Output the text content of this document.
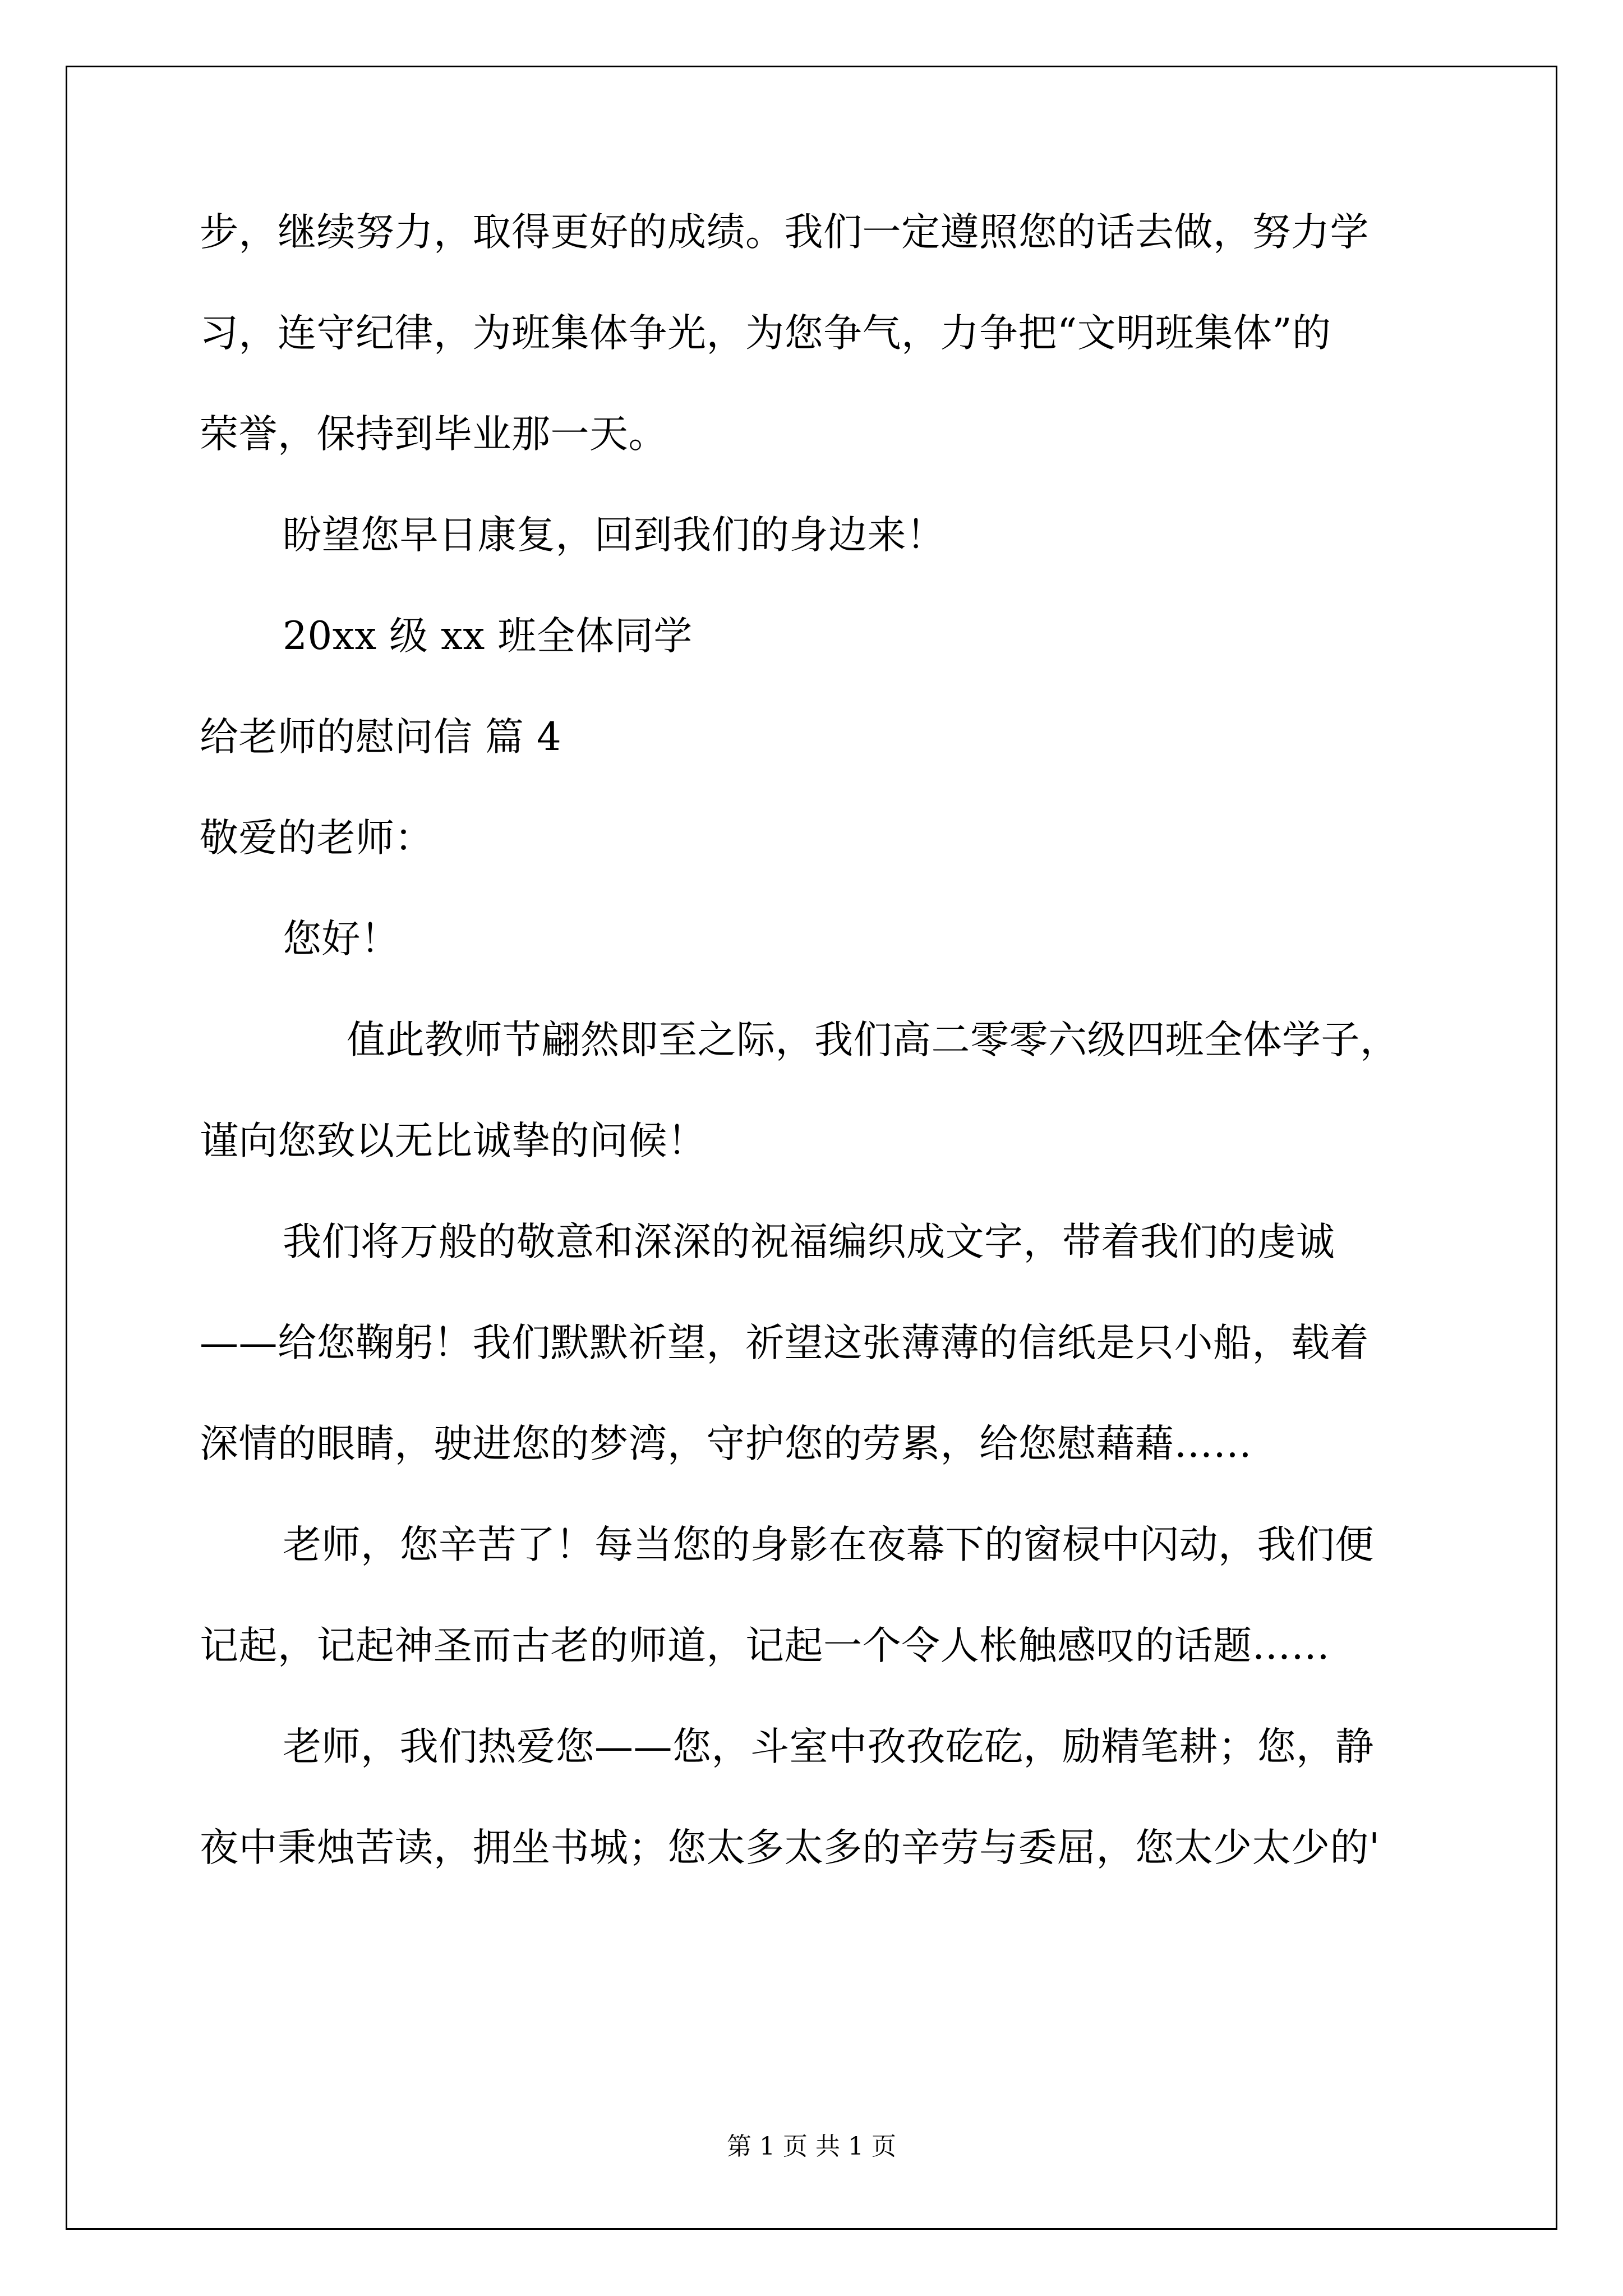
步，继续努力，取得更好的成绩。我们一定遵照您的话去做，努力学
习，连守纪律，为班集体争光，为您争气，力争把“文明班集体”的
荣誉，保持到毕业那一天。
盼望您早日康复，回到我们的身边来！
20xx 级 xx 班全体同学
给老师的慰问信 篇 4
敬爱的老师：
您好！
值此教师节翩然即至之际，我们高二零零六级四班全体学子，
谨向您致以无比诚挚的问候！
我们将万般的敬意和深深的祝福编织成文字，带着我们的虔诚
——给您鞠躬！我们默默祈望，祈望这张薄薄的信纸是只小船，载着
深情的眼睛，驶进您的梦湾，守护您的劳累，给您慰藉藉……
老师，您辛苦了！每当您的身影在夜幕下的窗棂中闪动，我们便
记起，记起神圣而古老的师道，记起一个令人枨触感叹的话题……
老师，我们热爱您——您，斗室中孜孜矻矻，励精笔耕；您，静
夜中秉烛苦读，拥坐书城；您太多太多的辛劳与委屈，您太少太少的'
第 1 页 共 1 页
